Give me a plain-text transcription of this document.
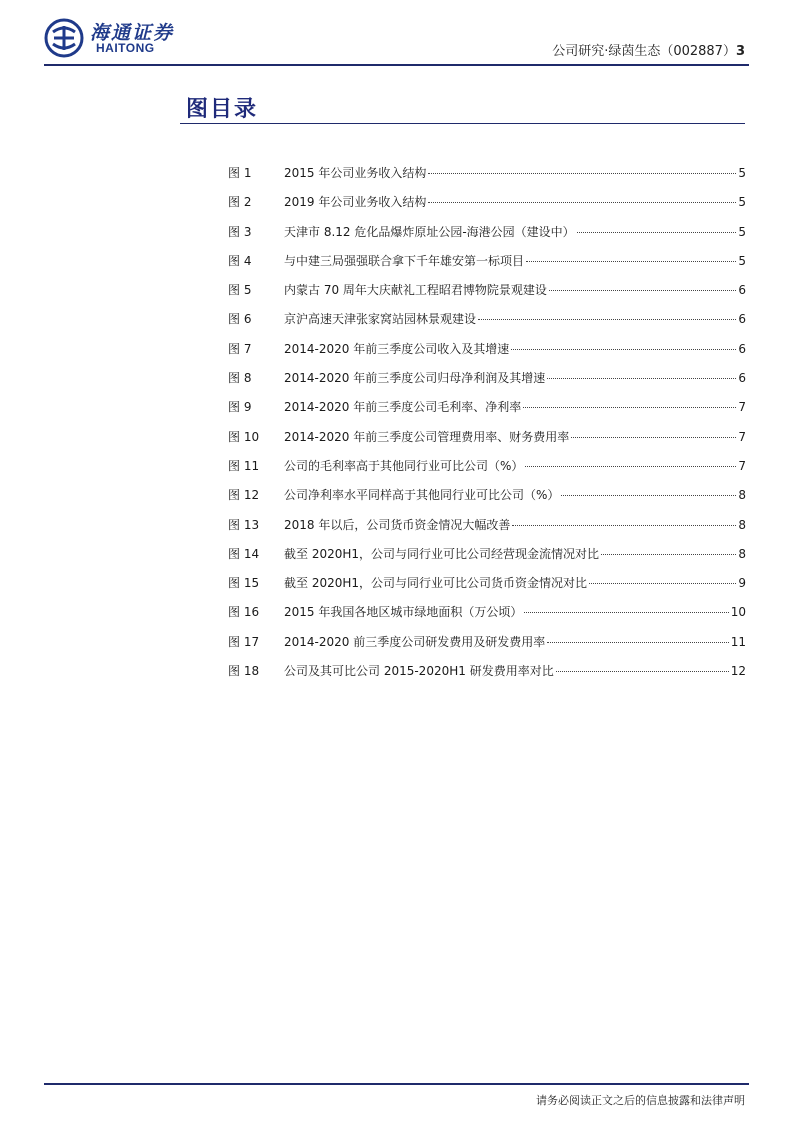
海通证券
HAITONG	公司研究·绿茵生态（002887）3
图目录
图 1	2015 年公司业务收入结构	5
图 2	2019 年公司业务收入结构	5
图 3	天津市 8.12 危化品爆炸原址公园-海港公园（建设中）	5
图 4	与中建三局强强联合拿下千年雄安第一标项目	5
图 5	内蒙古 70 周年大庆献礼工程昭君博物院景观建设	6
图 6	京沪高速天津张家窝站园林景观建设	6
图 7	2014-2020 年前三季度公司收入及其增速	6
图 8	2014-2020 年前三季度公司归母净利润及其增速	6
图 9	2014-2020 年前三季度公司毛利率、净利率	7
图 10	2014-2020 年前三季度公司管理费用率、财务费用率	7
图 11	公司的毛利率高于其他同行业可比公司（%）	7
图 12	公司净利率水平同样高于其他同行业可比公司（%）	8
图 13	2018 年以后，公司货币资金情况大幅改善	8
图 14	截至 2020H1，公司与同行业可比公司经营现金流情况对比	8
图 15	截至 2020H1，公司与同行业可比公司货币资金情况对比	9
图 16	2015 年我国各地区城市绿地面积（万公顷）	10
图 17	2014-2020 前三季度公司研发费用及研发费用率	11
图 18	公司及其可比公司 2015-2020H1 研发费用率对比	12
请务必阅读正文之后的信息披露和法律声明
